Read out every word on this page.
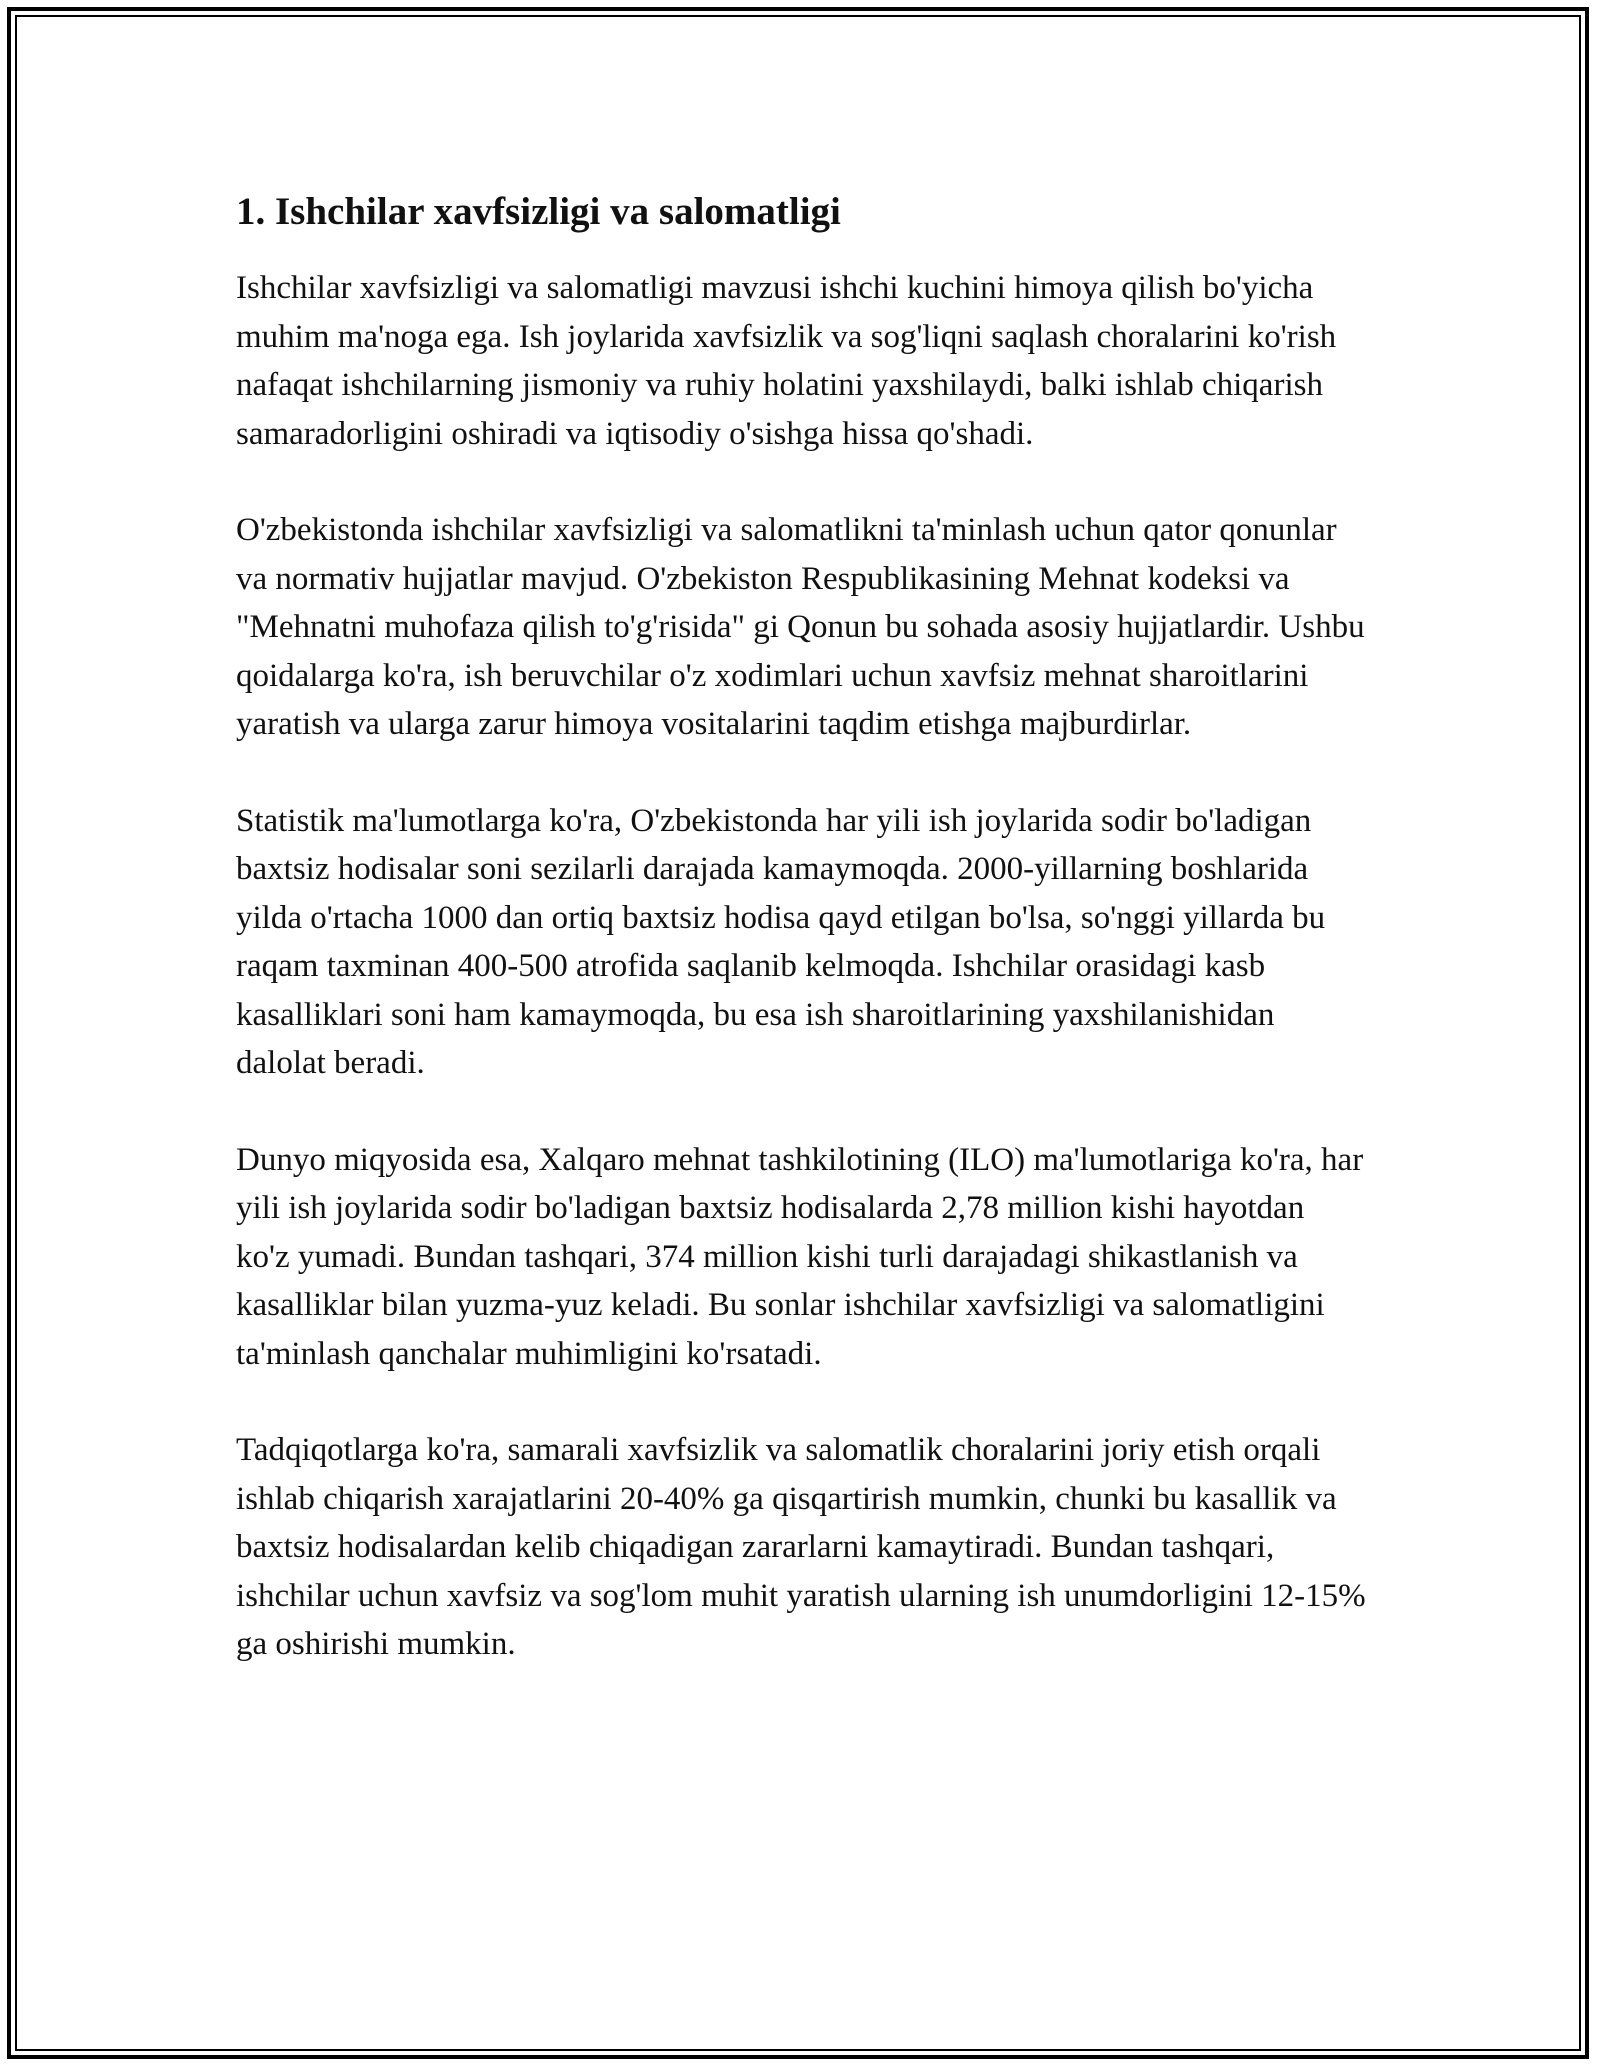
1. Ishchilar xavfsizligi va salomatligi

Ishchilar xavfsizligi va salomatligi mavzusi ishchi kuchini himoya qilish bo'yicha muhim ma'noga ega. Ish joylarida xavfsizlik va sog'liqni saqlash choralarini ko'rish nafaqat ishchilarning jismoniy va ruhiy holatini yaxshilaydi, balki ishlab chiqarish samaradorligini oshiradi va iqtisodiy o'sishga hissa qo'shadi.

O'zbekistonda ishchilar xavfsizligi va salomatlikni ta'minlash uchun qator qonunlar va normativ hujjatlar mavjud. O'zbekiston Respublikasining Mehnat kodeksi va "Mehnatni muhofaza qilish to'g'risida" gi Qonun bu sohada asosiy hujjatlardir. Ushbu qoidalarga ko'ra, ish beruvchilar o'z xodimlari uchun xavfsiz mehnat sharoitlarini yaratish va ularga zarur himoya vositalarini taqdim etishga majburdirlar.

Statistik ma'lumotlarga ko'ra, O'zbekistonda har yili ish joylarida sodir bo'ladigan baxtsiz hodisalar soni sezilarli darajada kamaymoqda. 2000-yillarning boshlarida yilda o'rtacha 1000 dan ortiq baxtsiz hodisa qayd etilgan bo'lsa, so'nggi yillarda bu raqam taxminan 400-500 atrofida saqlanib kelmoqda. Ishchilar orasidagi kasb kasalliklari soni ham kamaymoqda, bu esa ish sharoitlarining yaxshilanishidan dalolat beradi.

Dunyo miqyosida esa, Xalqaro mehnat tashkilotining (ILO) ma'lumotlariga ko'ra, har yili ish joylarida sodir bo'ladigan baxtsiz hodisalarda 2,78 million kishi hayotdan ko'z yumadi. Bundan tashqari, 374 million kishi turli darajadagi shikastlanish va kasalliklar bilan yuzma-yuz keladi. Bu sonlar ishchilar xavfsizligi va salomatligini ta'minlash qanchalar muhimligini ko'rsatadi.

Tadqiqotlarga ko'ra, samarali xavfsizlik va salomatlik choralarini joriy etish orqali ishlab chiqarish xarajatlarini 20-40% ga qisqartirish mumkin, chunki bu kasallik va baxtsiz hodisalardan kelib chiqadigan zararlarni kamaytiradi. Bundan tashqari, ishchilar uchun xavfsiz va sog'lom muhit yaratish ularning ish unumdorligini 12-15% ga oshirishi mumkin.
